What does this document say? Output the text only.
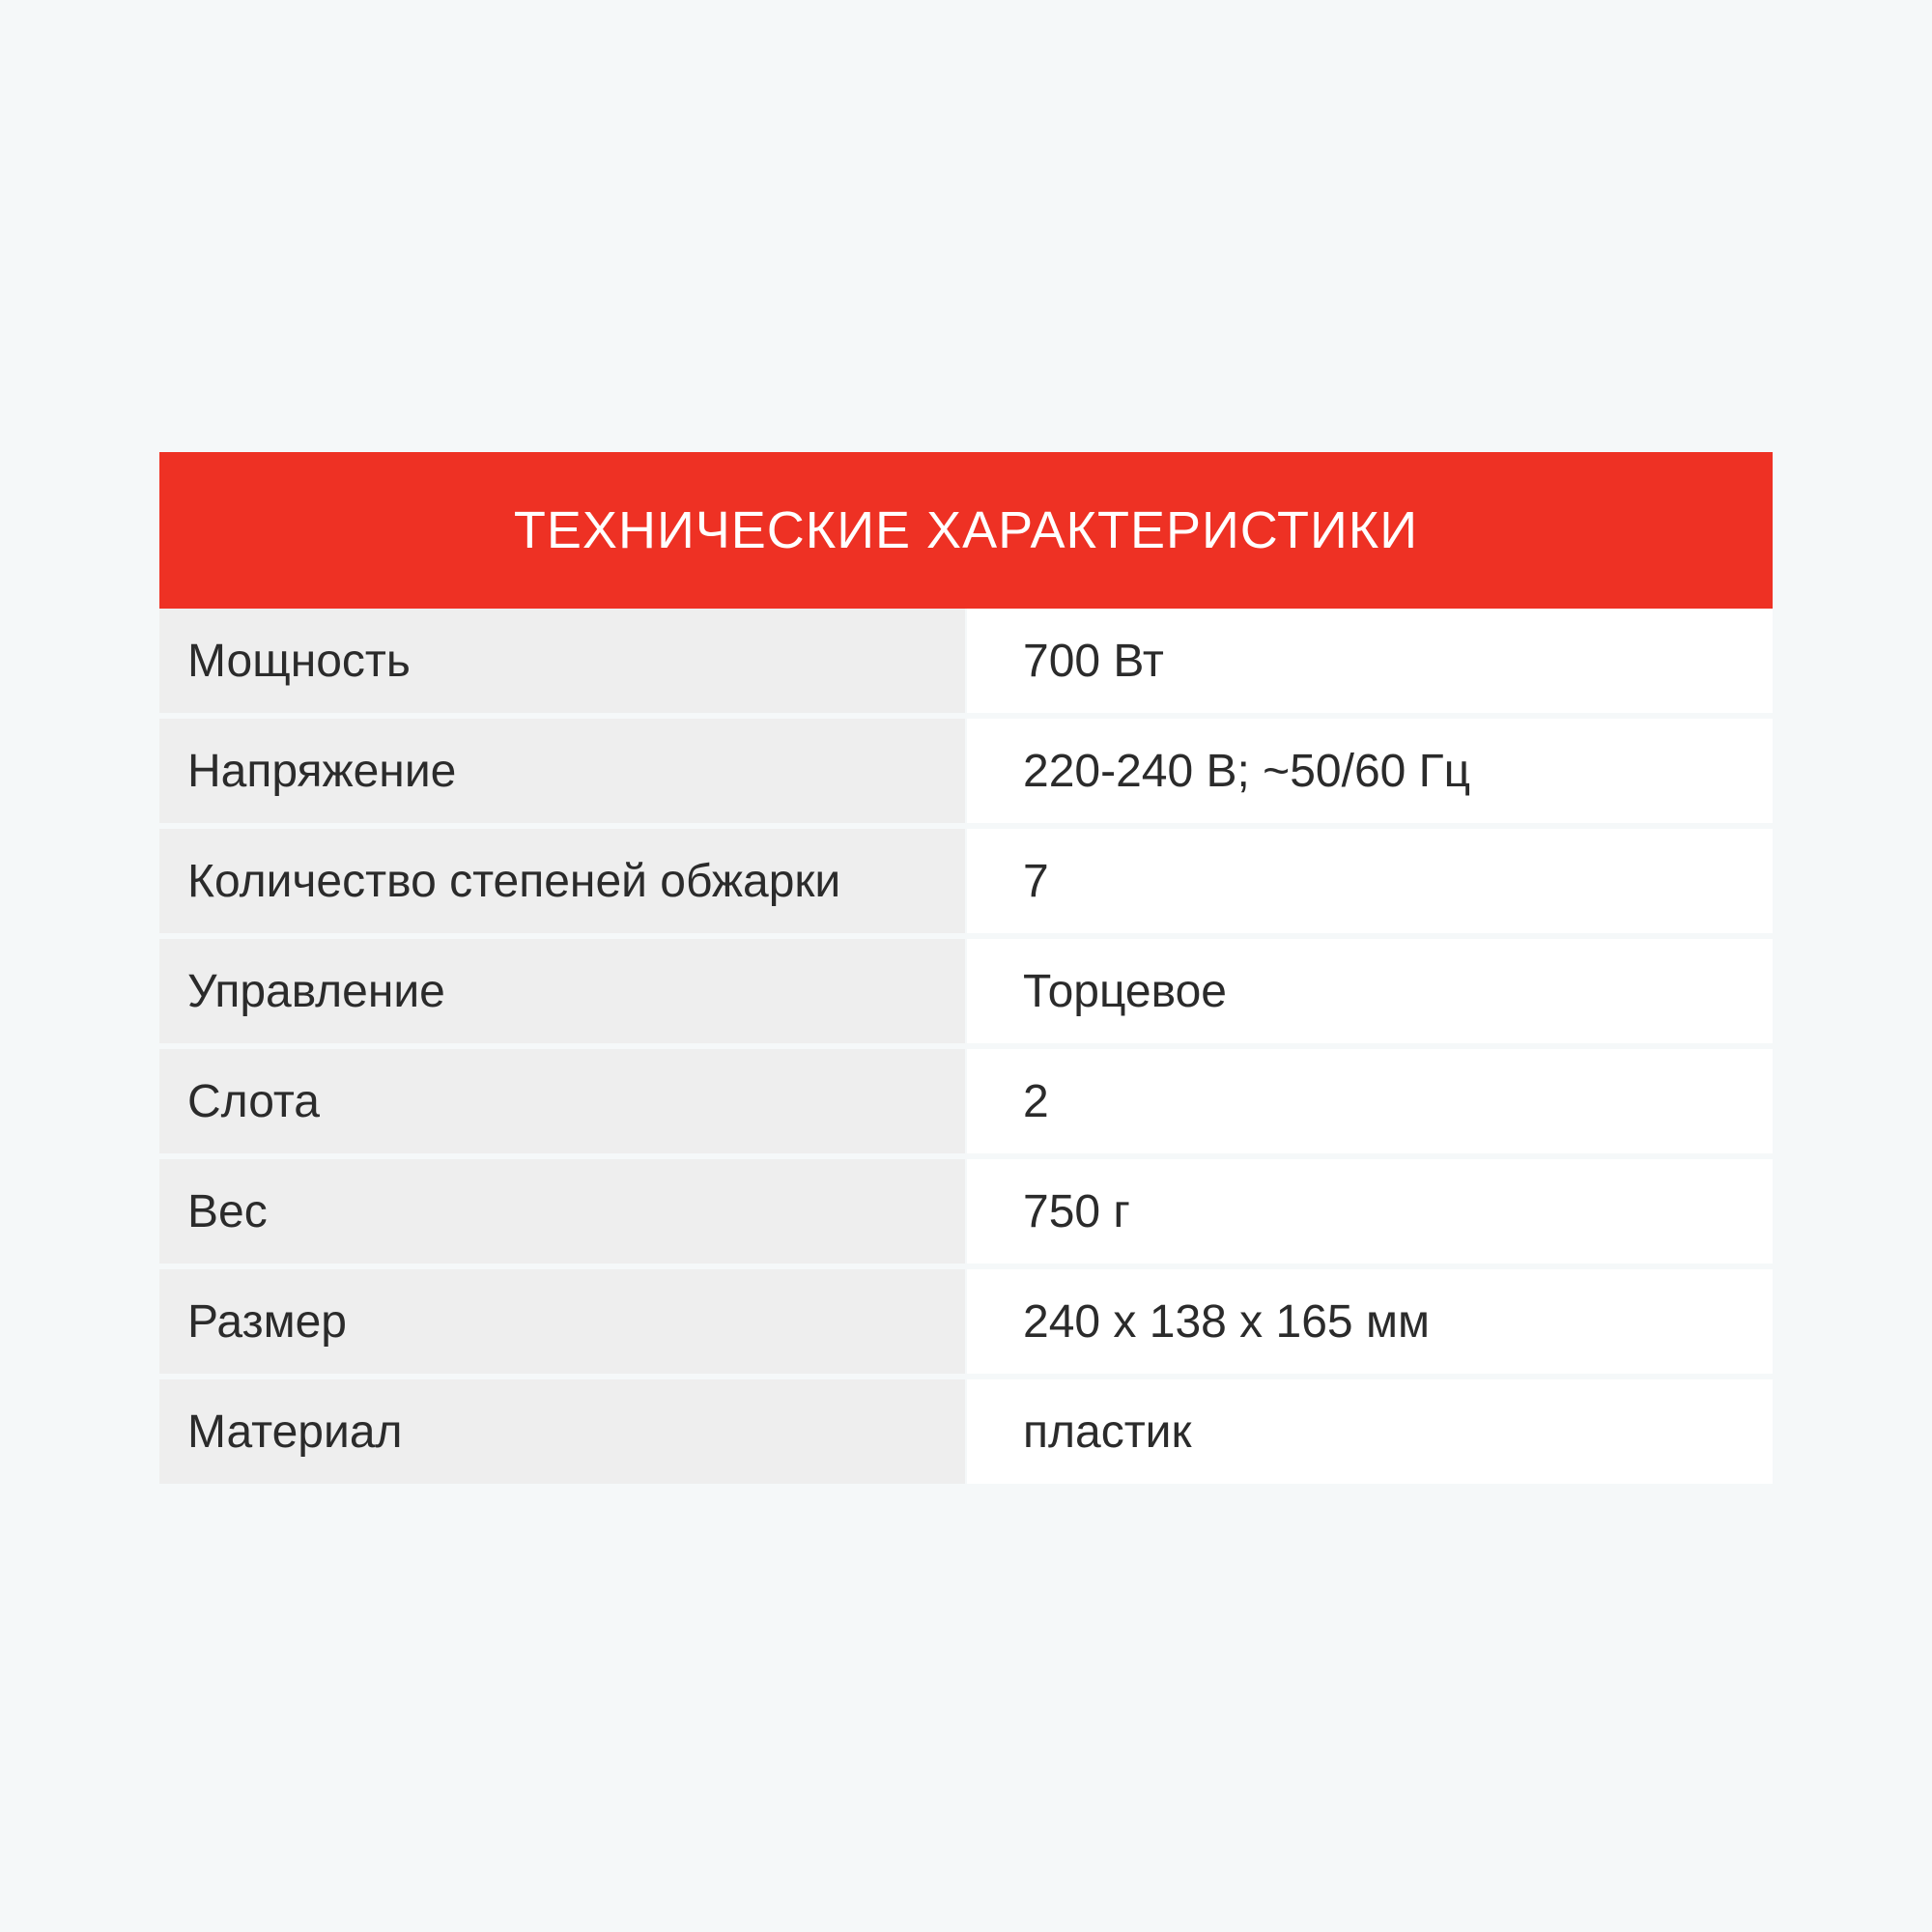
ТЕХНИЧЕСКИЕ ХАРАКТЕРИСТИКИ
Мощность	700 Вт
Напряжение	220-240 В; ~50/60 Гц
Количество степеней обжарки	7
Управление	Торцевое
Слота	2
Вес	750 г
Размер	240 x 138 x 165 мм
Материал	пластик
